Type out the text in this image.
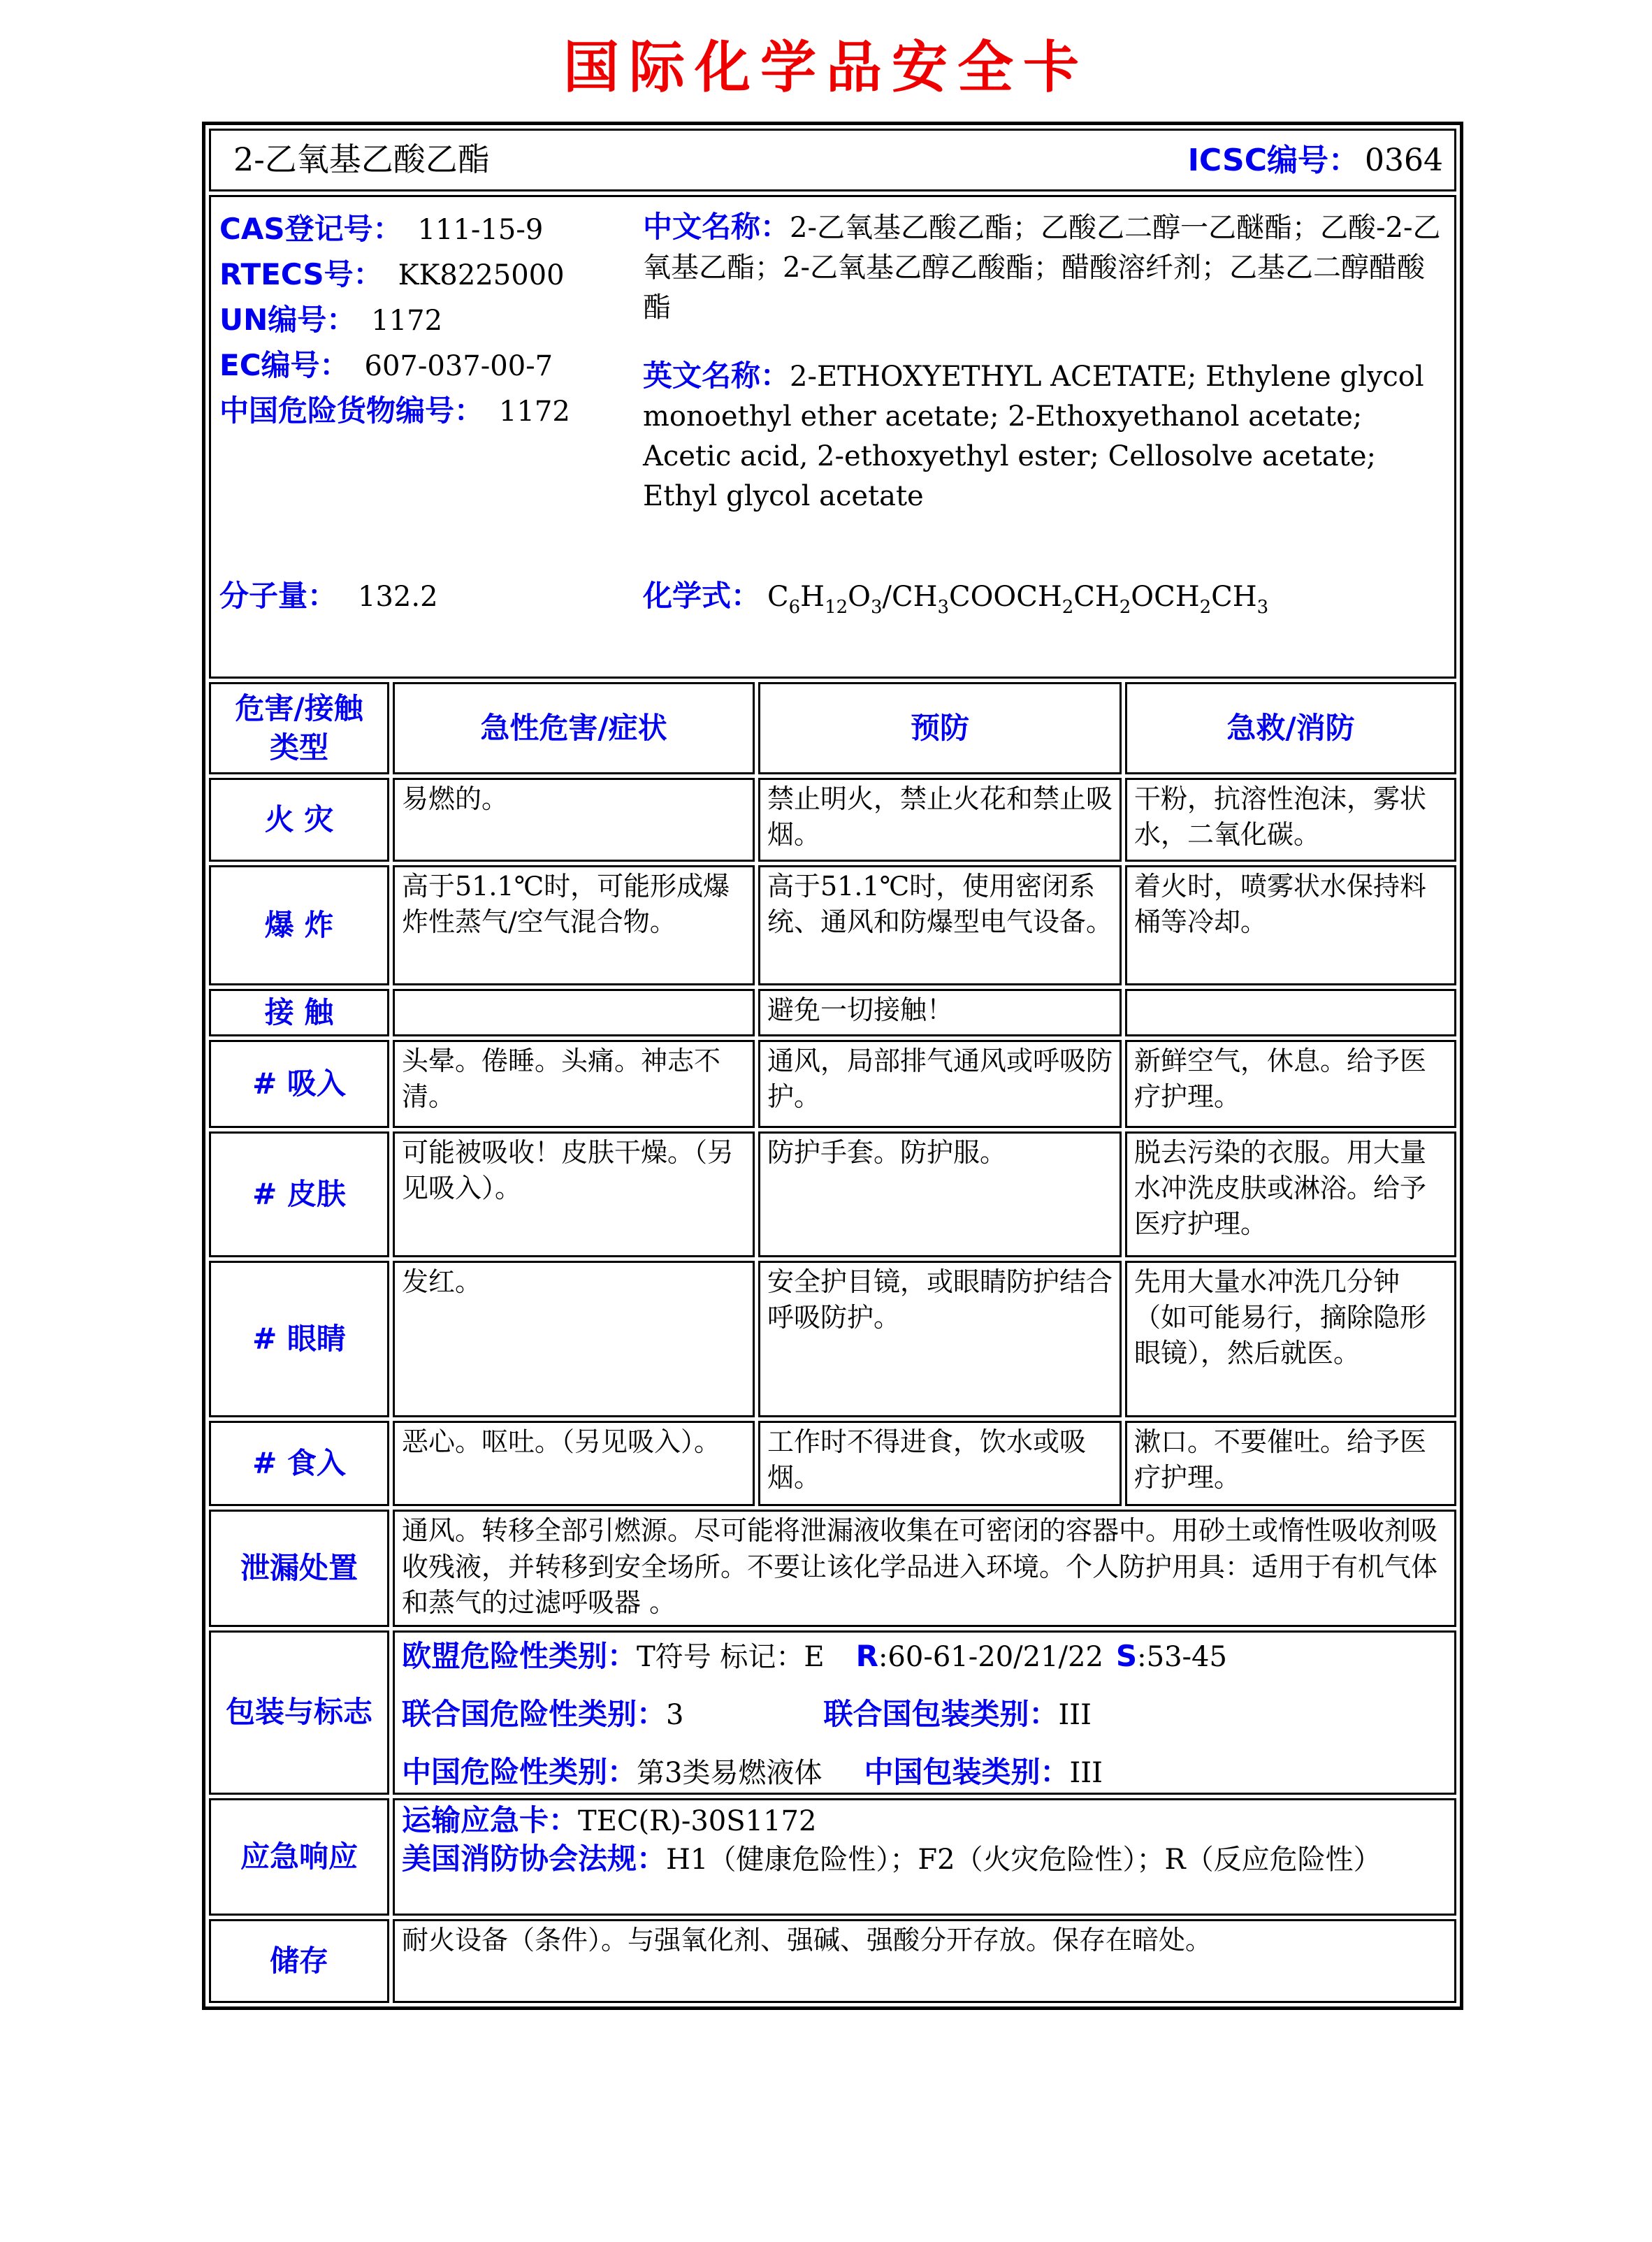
国际化学品安全卡
2-乙氧基乙酸乙酯 ICSC编号： 0364			

CAS登记号： 111-15-9
RTECS号： KK8225000
UN编号： 1172
EC编号： 607-037-00-7
中国危险货物编号： 1172

中文名称：2-乙氧基乙酸乙酯；乙酸乙二醇一乙醚酯；乙酸-2-乙氧基乙酯；2-乙氧基乙醇乙酸酯；醋酸溶纤剂；乙基乙二醇醋酸酯

英文名称：2-ETHOXYETHYL ACETATE; Ethylene glycol monoethyl ether acetate; 2-Ethoxyethanol acetate; Acetic acid, 2-ethoxyethyl ester; Cellosolve acetate; Ethyl glycol acetate

分子量： 132.2	化学式： $C_6H_{12}O_3/CH_3COOCH_2CH_2OCH_2CH_3$

危害/接触
类型	急性危害/症状	预防	急救/消防

火 灾	易燃的。	禁止明火，禁止火花和禁止吸烟。	干粉，抗溶性泡沫，雾状水，二氧化碳。
爆 炸	高于51.1℃时，可能形成爆炸性蒸气/空气混合物。	高于51.1℃时，使用密闭系统、通风和防爆型电气设备。	着火时，喷雾状水保持料桶等冷却。
接 触		避免一切接触！	
# 吸入	头晕。倦睡。头痛。神志不清。	通风，局部排气通风或呼吸防护。	新鲜空气，休息。给予医疗护理。
# 皮肤	可能被吸收！皮肤干燥。（另见吸入）。	防护手套。防护服。	脱去污染的衣服。用大量水冲洗皮肤或淋浴。给予医疗护理。
# 眼睛	发红。	安全护目镜，或眼睛防护结合呼吸防护。	先用大量水冲洗几分钟（如可能易行，摘除隐形眼镜），然后就医。
# 食入	恶心。呕吐。（另见吸入）。	工作时不得进食，饮水或吸烟。	漱口。不要催吐。给予医疗护理。
泄漏处置	通风。转移全部引燃源。尽可能将泄漏液收集在可密闭的容器中。用砂土或惰性吸收剂吸收残液，并转移到安全场所。不要让该化学品进入环境。个人防护用具：适用于有机气体和蒸气的过滤呼吸器 。		

包装与标志	欧盟危险性类别：T符号 标记：E R:60-61-20/21/22 S:53-45
联合国危险性类别：3 联合国包装类别：III
中国危险性类别：第3类易燃液体 中国包装类别：III		

应急响应	运输应急卡：TEC(R)-30S1172
美国消防协会法规：H1（健康危险性）；F2（火灾危险性）；R（反应危险性）		

储存	耐火设备（条件）。与强氧化剂、强碱、强酸分开存放。保存在暗处。		
